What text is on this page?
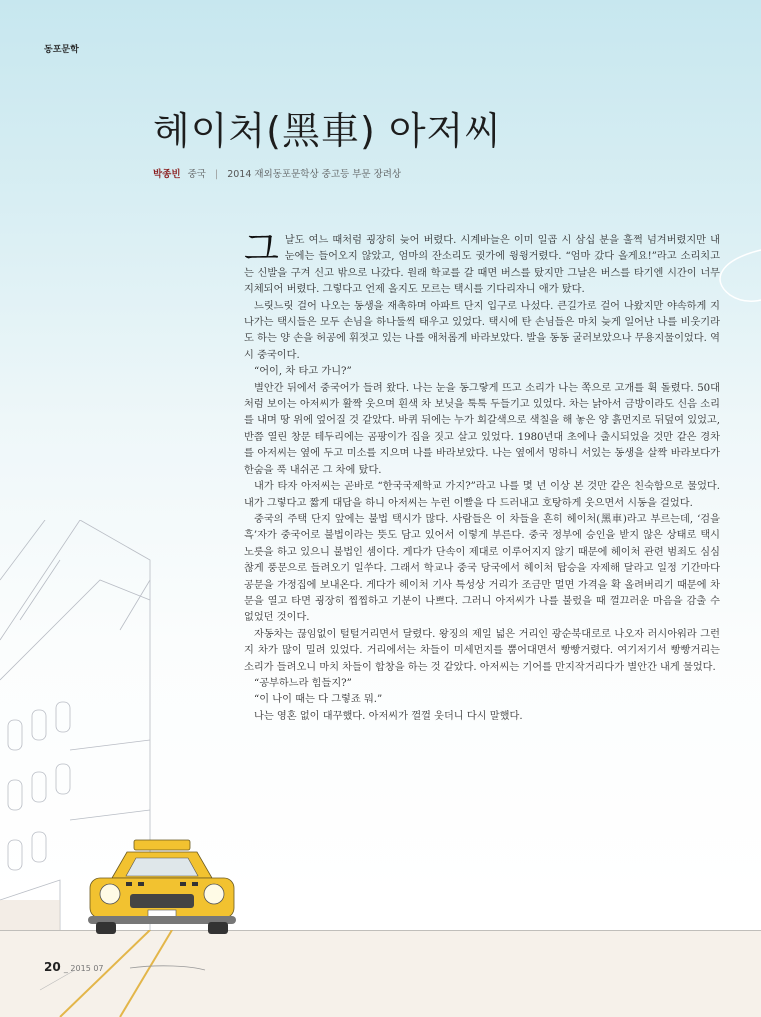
동포문학
헤이처(黑車) 아저씨
박종빈 중국 | 2014 재외동포문학상 중고등 부문 장려상

그날도 여느 때처럼 굉장히 늦어 버렸다. 시계바늘은 이미 일곱 시 삼십 분을 훌쩍 넘겨버렸지만 내 눈에는 들어오지 않았고, 엄마의 잔소리도 귓가에 윙윙거렸다. “엄마 갔다 올게요!”라고 소리치고는 신발을 구겨 신고 밖으로 나갔다. 원래 학교를 갈 때면 버스를 탔지만 그날은 버스를 타기엔 시간이 너무 지체되어 버렸다. 그렇다고 언제 올지도 모르는 택시를 기다리자니 애가 탔다.

느릿느릿 걸어 나오는 동생을 재촉하며 아파트 단지 입구로 나섰다. 큰길가로 걸어 나왔지만 야속하게 지나가는 택시들은 모두 손님을 하나둘씩 태우고 있었다. 택시에 탄 손님들은 마치 늦게 일어난 나를 비웃기라도 하는 양 손을 허공에 휘젓고 있는 나를 애처롭게 바라보았다. 발을 동동 굴러보았으나 무용지물이었다. 역시 중국이다.

“어이, 차 타고 가니?”

별안간 뒤에서 중국어가 들려 왔다. 나는 눈을 동그랗게 뜨고 소리가 나는 쪽으로 고개를 휙 돌렸다. 50대처럼 보이는 아저씨가 활짝 웃으며 흰색 차 보닛을 툭툭 두들기고 있었다. 차는 낡아서 금방이라도 신음 소리를 내며 땅 위에 엎어질 것 같았다. 바퀴 뒤에는 누가 회갈색으로 색칠을 해 놓은 양 흙먼지로 뒤덮여 있었고, 반쯤 열린 창문 테두리에는 곰팡이가 집을 짓고 살고 있었다. 1980년대 초에나 출시되었을 것만 같은 경차를 아저씨는 옆에 두고 미소를 지으며 나를 바라보았다. 나는 옆에서 멍하니 서있는 동생을 살짝 바라보다가 한숨을 푹 내쉬곤 그 차에 탔다.

내가 타자 아저씨는 곧바로 “한국국제학교 가지?”라고 나를 몇 년 이상 본 것만 같은 친숙함으로 물었다. 내가 그렇다고 짧게 대답을 하니 아저씨는 누런 이빨을 다 드러내고 호탕하게 웃으면서 시동을 걸었다.

중국의 주택 단지 앞에는 불법 택시가 많다. 사람들은 이 차들을 흔히 헤이처(黑車)라고 부르는데, ‘검을 흑’자가 중국어로 불법이라는 뜻도 담고 있어서 이렇게 부른다. 중국 정부에 승인을 받지 않은 상태로 택시 노릇을 하고 있으니 불법인 셈이다. 게다가 단속이 제대로 이루어지지 않기 때문에 헤이처 관련 범죄도 심심찮게 풍문으로 들려오기 일쑤다. 그래서 학교나 중국 당국에서 헤이처 탑승을 자제해 달라고 일정 기간마다 공문을 가정집에 보내온다. 게다가 헤이처 기사 특성상 거리가 조금만 멀면 가격을 확 올려버리기 때문에 차문을 열고 타면 굉장히 찝찝하고 기분이 나쁘다. 그러니 아저씨가 나를 불렀을 때 껄끄러운 마음을 감출 수 없었던 것이다.

자동차는 끊임없이 털털거리면서 달렸다. 왕징의 제일 넓은 거리인 광순북대로로 나오자 러시아워라 그런지 차가 많이 밀려 있었다. 거리에서는 차들이 미세먼지를 뿜어대면서 빵빵거렸다. 여기저기서 빵빵거리는 소리가 들려오니 마치 차들이 합창을 하는 것 같았다. 아저씨는 기어를 만지작거리다가 별안간 내게 물었다.

“공부하느라 힘들지?”

“이 나이 때는 다 그렇죠 뭐.”

나는 영혼 없이 대꾸했다. 아저씨가 껄껄 웃더니 다시 말했다.

20 _ 2015 07
